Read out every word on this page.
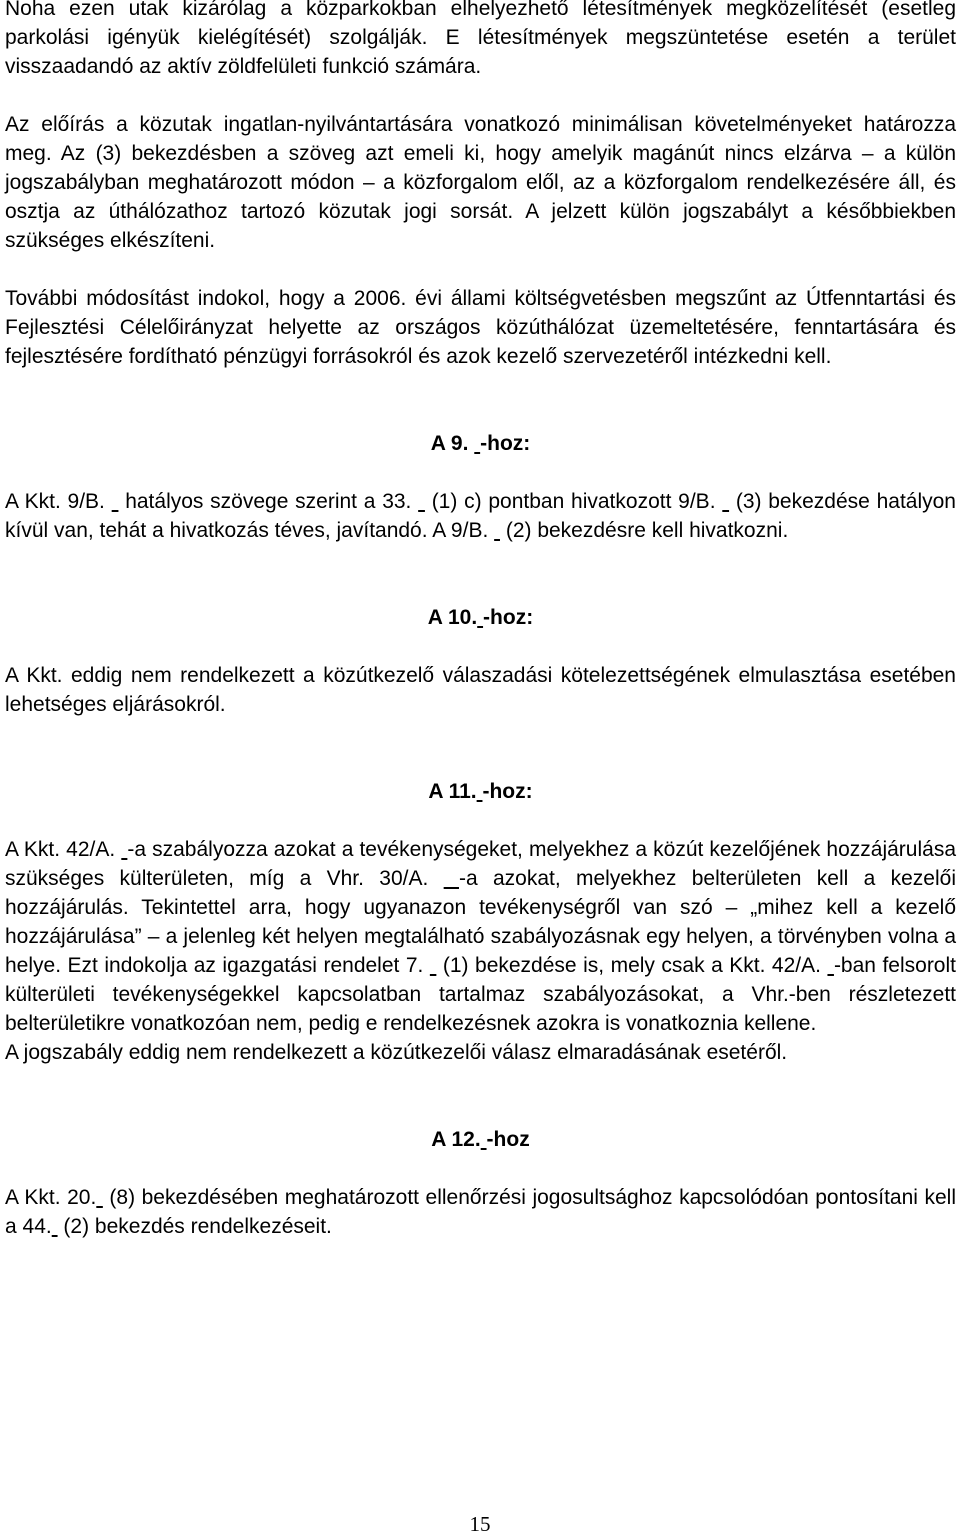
Noha ezen utak kizárólag a közparkokban elhelyezhető létesítmények megközelítését (esetleg parkolási igényük kielégítését) szolgálják. E létesítmények megszüntetése esetén a terület visszaadandó az aktív zöldfelületi funkció számára.

Az előírás a közutak ingatlan-nyilvántartására vonatkozó minimálisan követelményeket határozza meg. Az (3) bekezdésben a szöveg azt emeli ki, hogy amelyik magánút nincs elzárva – a külön jogszabályban meghatározott módon – a közforgalom elől, az a közforgalom rendelkezésére áll, és osztja az úthálózathoz tartozó közutak jogi sorsát. A jelzett külön jogszabályt a későbbiekben szükséges elkészíteni.

További módosítást indokol, hogy a 2006. évi állami költségvetésben megszűnt az Útfenntartási és Fejlesztési Célelőirányzat helyette az országos közúthálózat üzemeltetésére, fenntartására és fejlesztésére fordítható pénzügyi forrásokról és azok kezelő szervezetéről intézkedni kell.

A 9. -hoz:

A Kkt. 9/B. hatályos szövege szerint a 33. (1) c) pontban hivatkozott 9/B. (3) bekezdése hatályon kívül van, tehát a hivatkozás téves, javítandó. A 9/B. (2) bekezdésre kell hivatkozni.

A 10. -hoz:

A Kkt. eddig nem rendelkezett a közútkezelő válaszadási kötelezettségének elmulasztása esetében lehetséges eljárásokról.

A 11. -hoz:

A Kkt. 42/A. -a szabályozza azokat a tevékenységeket, melyekhez a közút kezelőjének hozzájárulása szükséges külterületen, míg a Vhr. 30/A. -a azokat, melyekhez belterületen kell a kezelői hozzájárulás. Tekintettel arra, hogy ugyanazon tevékenységről van szó – „mihez kell a kezelő hozzájárulása” – a jelenleg két helyen megtalálható szabályozásnak egy helyen, a törvényben volna a helye. Ezt indokolja az igazgatási rendelet 7. (1) bekezdése is, mely csak a Kkt. 42/A. -ban felsorolt külterületi tevékenységekkel kapcsolatban tartalmaz szabályozásokat, a Vhr.-ben részletezett belterületikre vonatkozóan nem, pedig e rendelkezésnek azokra is vonatkoznia kellene.

A jogszabály eddig nem rendelkezett a közútkezelői válasz elmaradásának esetéről.

A 12. -hoz

A Kkt. 20. (8) bekezdésében meghatározott ellenőrzési jogosultsághoz kapcsolódóan pontosítani kell a 44. (2) bekezdés rendelkezéseit.

15
